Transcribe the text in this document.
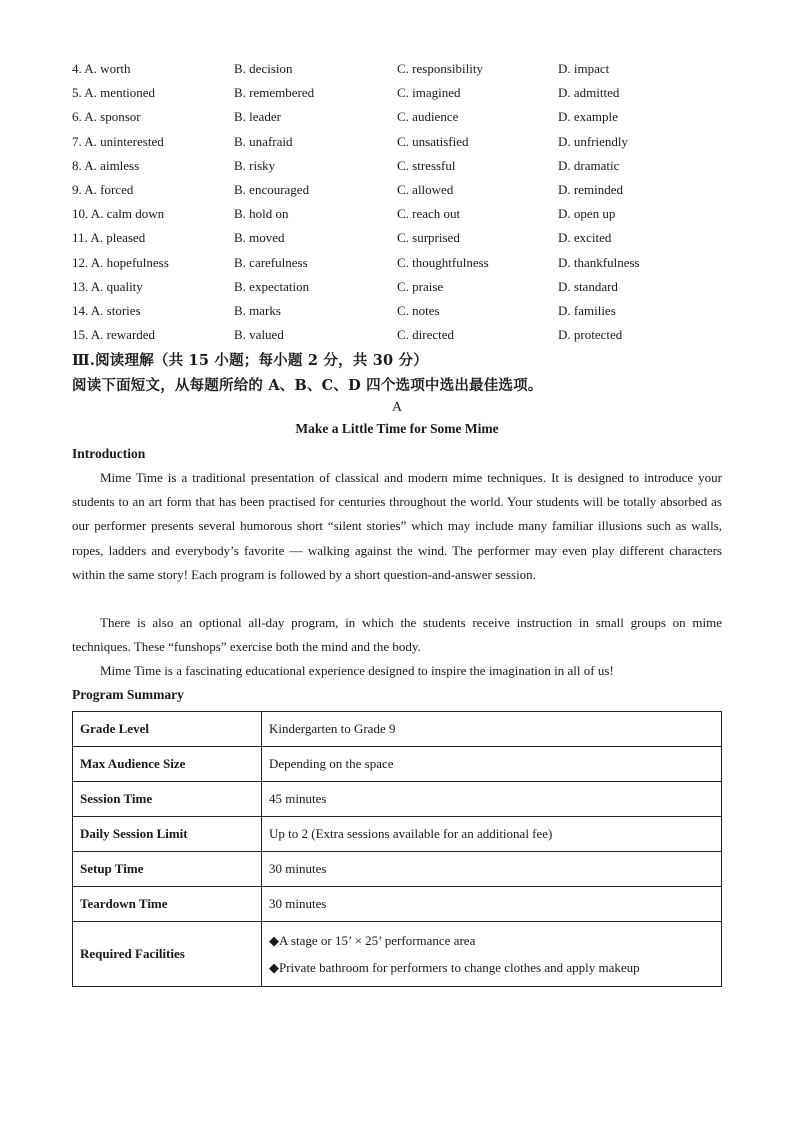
4. A. worth	B. decision	C. responsibility	D. impact
5. A. mentioned	B. remembered	C. imagined	D. admitted
6. A. sponsor	B. leader	C. audience	D. example
7. A. uninterested	B. unafraid	C. unsatisfied	D. unfriendly
8. A. aimless	B. risky	C. stressful	D. dramatic
9. A. forced	B. encouraged	C. allowed	D. reminded
10. A. calm down	B. hold on	C. reach out	D. open up
11. A. pleased	B. moved	C. surprised	D. excited
12. A. hopefulness	B. carefulness	C. thoughtfulness	D. thankfulness
13. A. quality	B. expectation	C. praise	D. standard
14. A. stories	B. marks	C. notes	D. families
15. A. rewarded	B. valued	C. directed	D. protected
Ⅲ.阅读理解（共 15 小题；每小题 2 分，共 30 分）
阅读下面短文，从每题所给的 A、B、C、D 四个选项中选出最佳选项。
A
Make a Little Time for Some Mime
Introduction
Mime Time is a traditional presentation of classical and modern mime techniques. It is designed to introduce your students to an art form that has been practised for centuries throughout the world. Your students will be totally absorbed as our performer presents several humorous short “silent stories” which may include many familiar illusions such as walls, ropes, ladders and everybody’s favorite — walking against the wind. The performer may even play different characters within the same story! Each program is followed by a short question-and-answer session.
There is also an optional all-day program, in which the students receive instruction in small groups on mime techniques. These “funshops” exercise both the mind and the body.
Mime Time is a fascinating educational experience designed to inspire the imagination in all of us!
Program Summary
Grade Level	Kindergarten to Grade 9
Max Audience Size	Depending on the space
Session Time	45 minutes
Daily Session Limit	Up to 2 (Extra sessions available for an additional fee)
Setup Time	30 minutes
Teardown Time	30 minutes
Required Facilities	◆A stage or 15’ × 25’ performance area
◆Private bathroom for performers to change clothes and apply makeup
